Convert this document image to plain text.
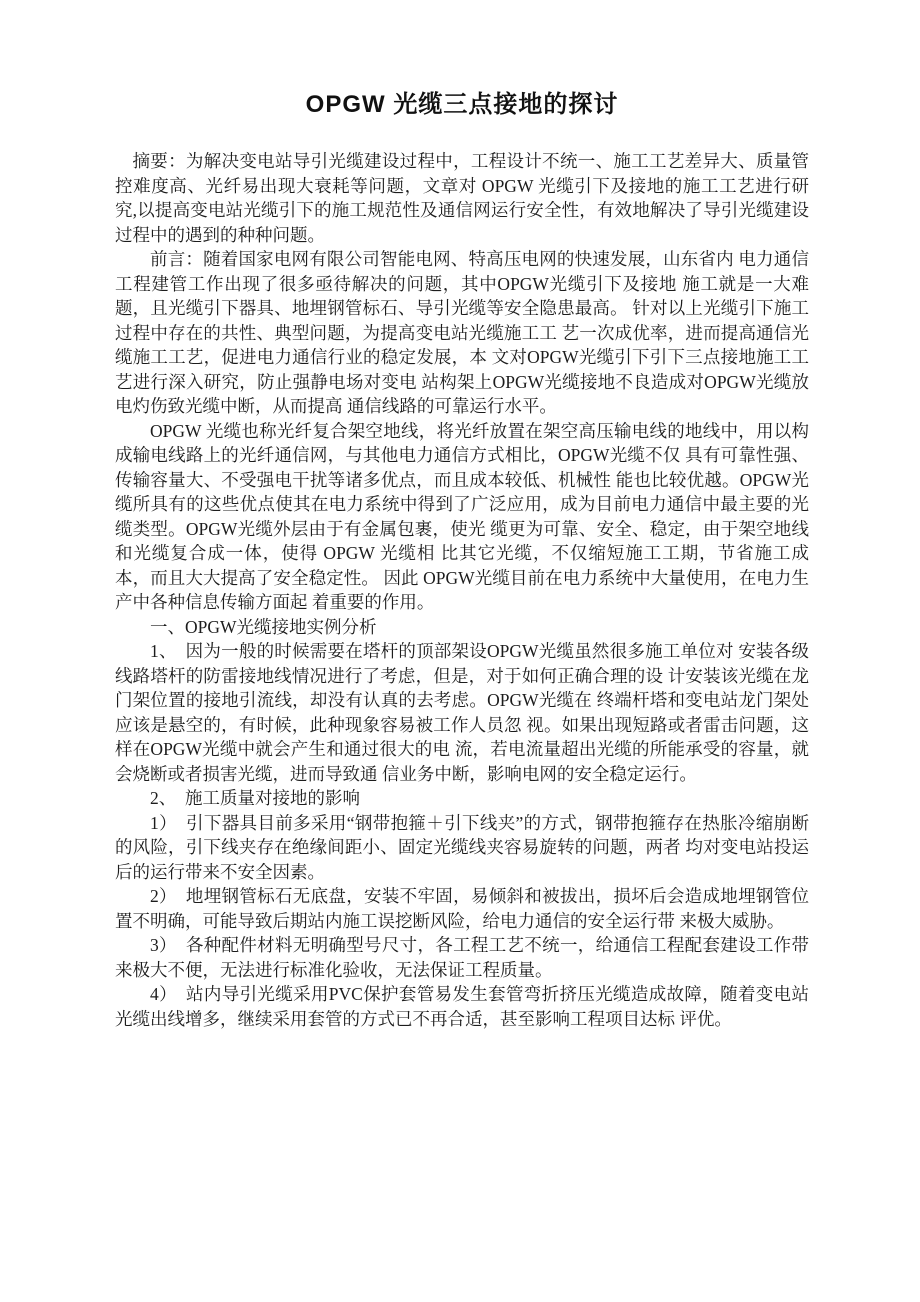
OPGW 光缆三点接地的探讨

摘要：为解决变电站导引光缆建设过程中，工程设计不统一、施工工艺差异大、质量管控难度高、光纤易出现大衰耗等问题，文章对 OPGW 光缆引下及接地的施工工艺进行研究,以提高变电站光缆引下的施工规范性及通信网运行安全性，有效地解决了导引光缆建设过程中的遇到的种种问题。

前言：随着国家电网有限公司智能电网、特高压电网的快速发展，山东省内 电力通信工程建管工作出现了很多亟待解决的问题，其中OPGW光缆引下及接地 施工就是一大难题，且光缆引下器具、地埋钢管标石、导引光缆等安全隐患最高。 针对以上光缆引下施工过程中存在的共性、典型问题，为提高变电站光缆施工工 艺一次成优率，进而提高通信光缆施工工艺，促进电力通信行业的稳定发展，本 文对OPGW光缆引下引下三点接地施工工艺进行深入研究，防止强静电场对变电 站构架上OPGW光缆接地不良造成对OPGW光缆放电灼伤致光缆中断，从而提高 通信线路的可靠运行水平。

OPGW 光缆也称光纤复合架空地线，将光纤放置在架空高压输电线的地线中，用以构成输电线路上的光纤通信网，与其他电力通信方式相比，OPGW光缆不仅 具有可靠性强、传输容量大、不受强电干扰等诸多优点，而且成本较低、机械性 能也比较优越。OPGW光缆所具有的这些优点使其在电力系统中得到了广泛应用，成为目前电力通信中最主要的光缆类型。OPGW光缆外层由于有金属包裹，使光 缆更为可靠、安全、稳定，由于架空地线和光缆复合成一体，使得 OPGW 光缆相 比其它光缆，不仅缩短施工工期，节省施工成本，而且大大提高了安全稳定性。 因此 OPGW光缆目前在电力系统中大量使用，在电力生产中各种信息传输方面起 着重要的作用。

一、OPGW光缆接地实例分析

1、　因为一般的时候需要在塔杆的顶部架设OPGW光缆虽然很多施工单位对 安装各级线路塔杆的防雷接地线情况进行了考虑，但是，对于如何正确合理的设 计安装该光缆在龙门架位置的接地引流线，却没有认真的去考虑。OPGW光缆在 终端杆塔和变电站龙门架处应该是悬空的，有时候，此种现象容易被工作人员忽 视。如果出现短路或者雷击问题，这样在OPGW光缆中就会产生和通过很大的电 流，若电流量超出光缆的所能承受的容量，就会烧断或者损害光缆，进而导致通 信业务中断，影响电网的安全稳定运行。

2、　施工质量对接地的影响

1）　引下器具目前多采用“钢带抱箍＋引下线夹”的方式，钢带抱箍存在热胀冷缩崩断的风险，引下线夹存在绝缘间距小、固定光缆线夹容易旋转的问题，两者 均对变电站投运后的运行带来不安全因素。

2）　地埋钢管标石无底盘，安装不牢固，易倾斜和被拔出，损坏后会造成地埋钢管位置不明确，可能导致后期站内施工误挖断风险，给电力通信的安全运行带 来极大威胁。

3）　各种配件材料无明确型号尺寸，各工程工艺不统一，给通信工程配套建设工作带来极大不便，无法进行标准化验收，无法保证工程质量。

4）　站内导引光缆采用PVC保护套管易发生套管弯折挤压光缆造成故障，随着变电站光缆出线增多，继续采用套管的方式已不再合适，甚至影响工程项目达标 评优。
